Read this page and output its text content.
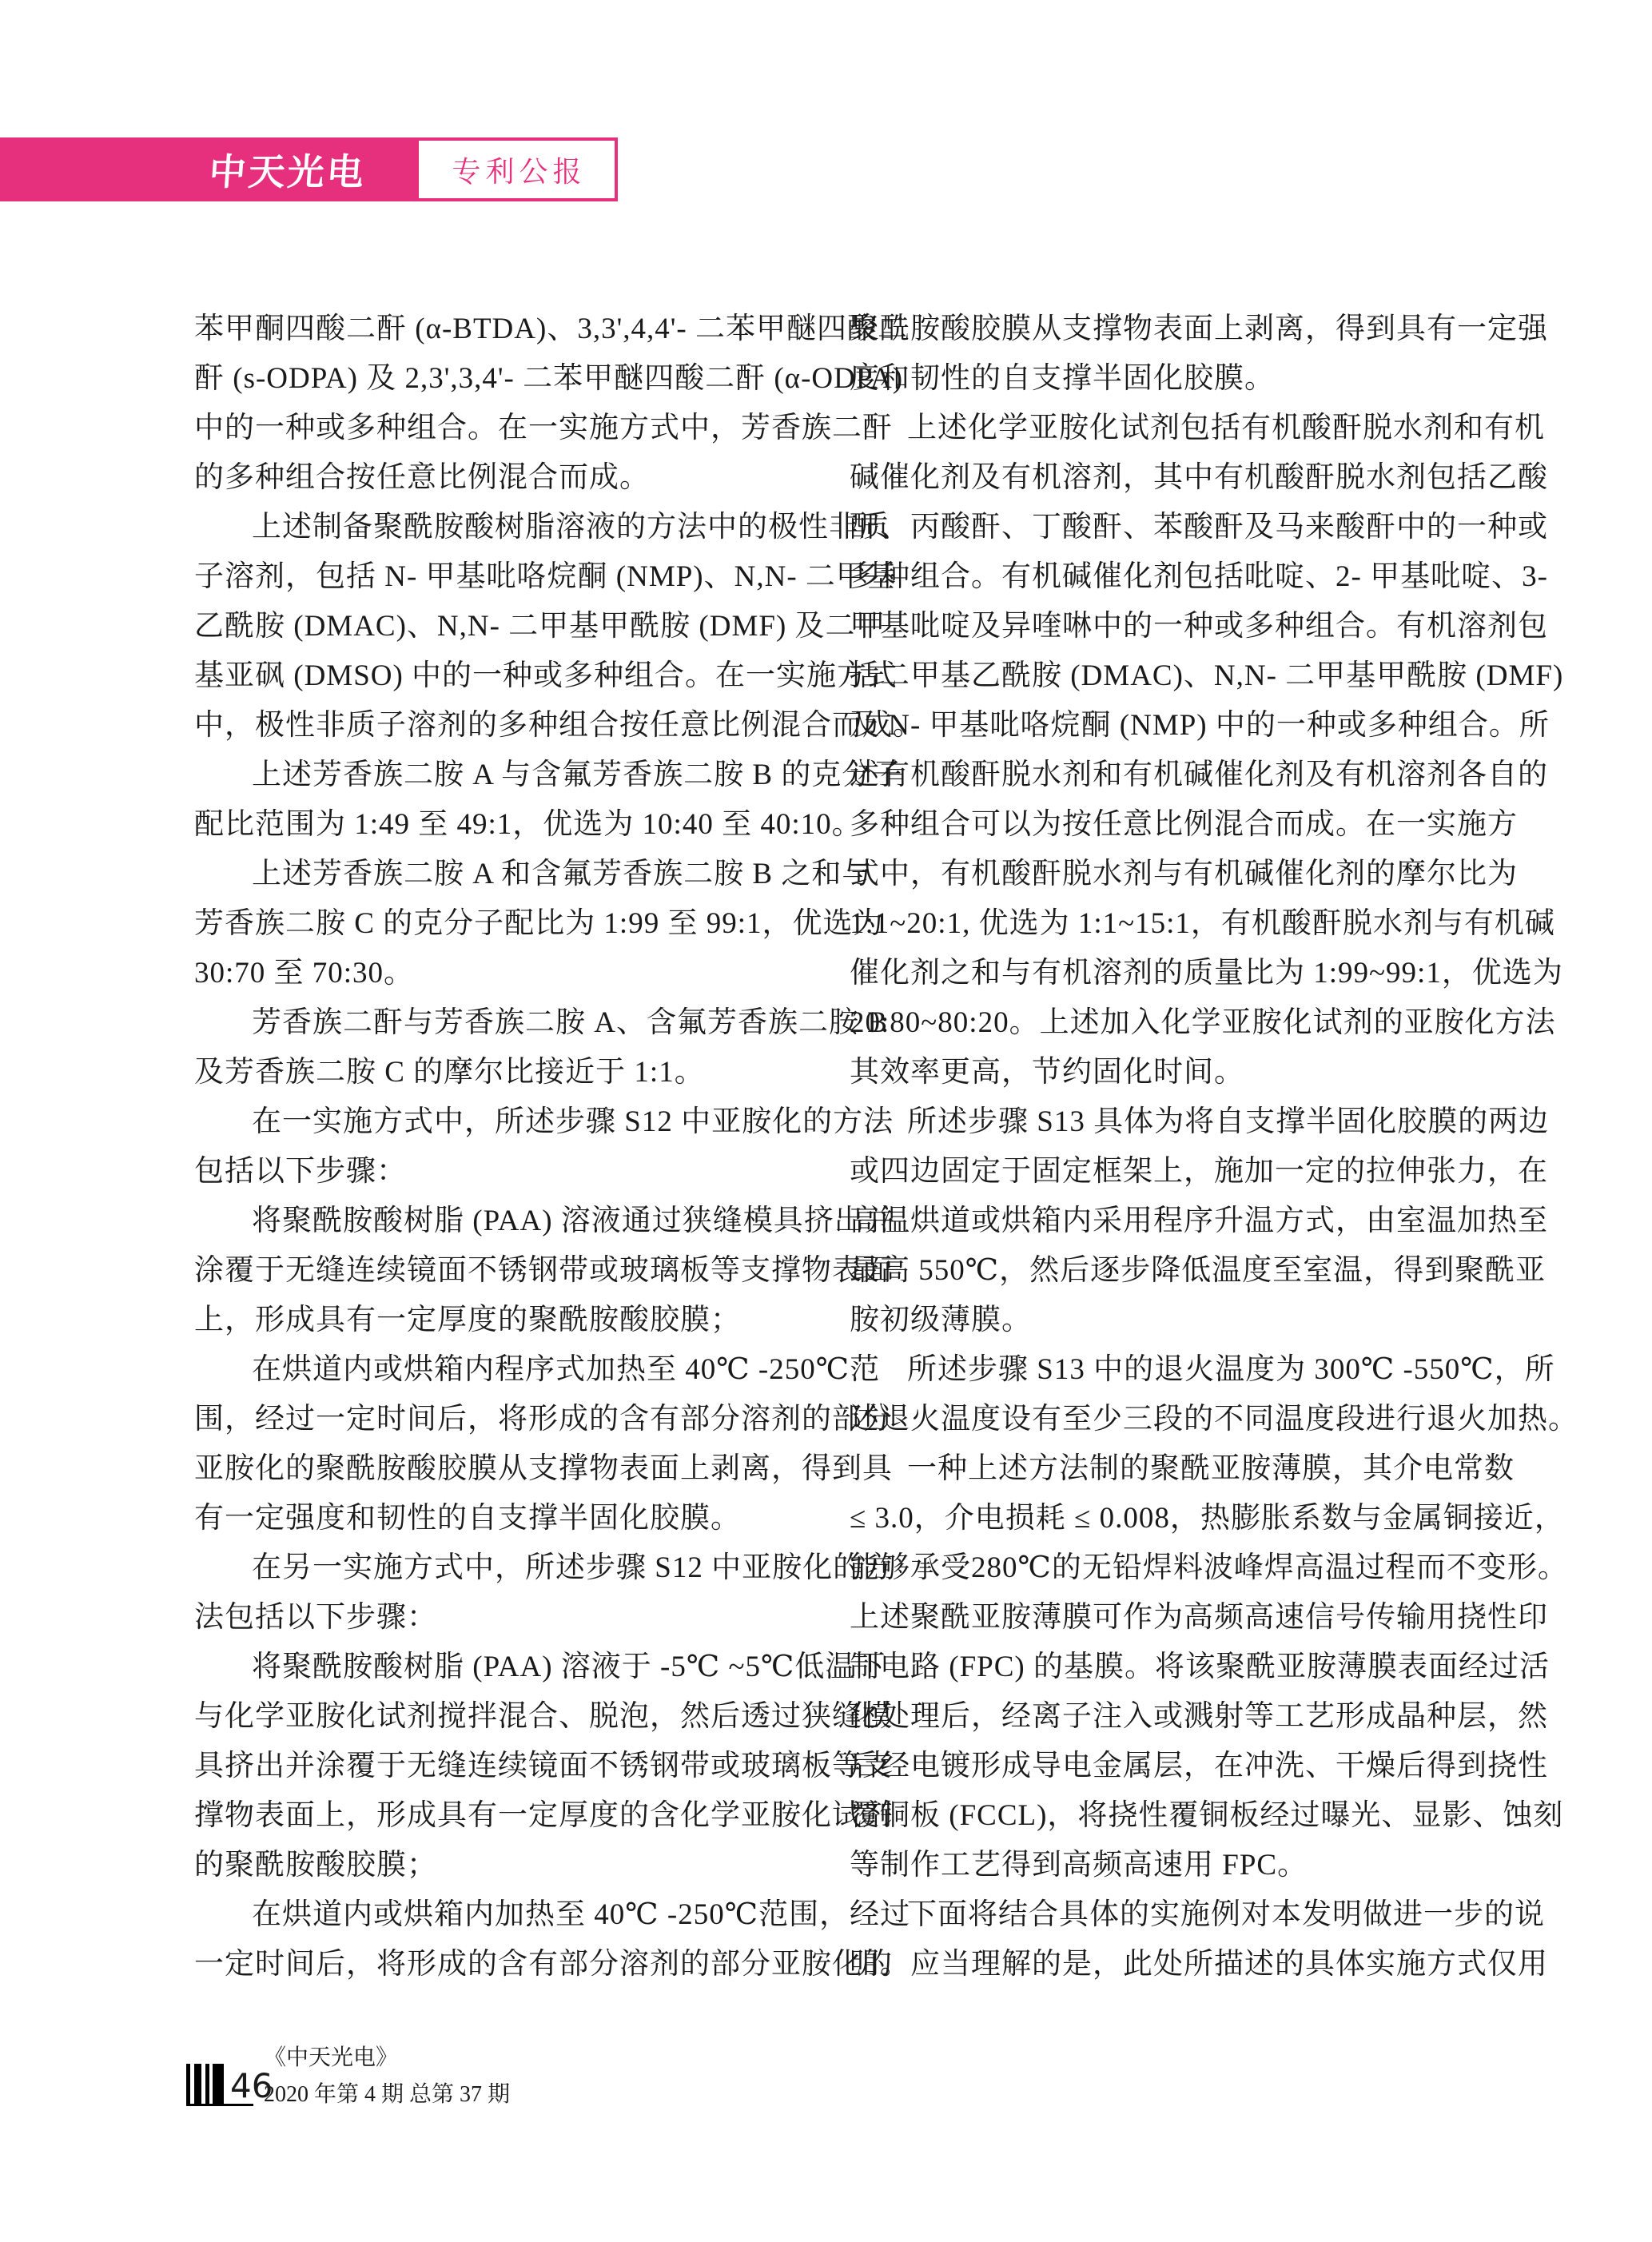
中天光电	专利公报
苯甲酮四酸二酐 (α-BTDA)、3,3',4,4'- 二苯甲醚四酸二
酐 (s-ODPA) 及 2,3',3,4'- 二苯甲醚四酸二酐 (α-ODPA)
中的一种或多种组合。在一实施方式中，芳香族二酐
的多种组合按任意比例混合而成。
上述制备聚酰胺酸树脂溶液的方法中的极性非质
子溶剂，包括 N- 甲基吡咯烷酮 (NMP)、N,N- 二甲基
乙酰胺 (DMAC)、N,N- 二甲基甲酰胺 (DMF) 及二甲
基亚砜 (DMSO) 中的一种或多种组合。在一实施方式
中，极性非质子溶剂的多种组合按任意比例混合而成。
上述芳香族二胺 A 与含氟芳香族二胺 B 的克分子
配比范围为 1:49 至 49:1，优选为 10:40 至 40:10。
上述芳香族二胺 A 和含氟芳香族二胺 B 之和与
芳香族二胺 C 的克分子配比为 1:99 至 99:1，优选为
30:70 至 70:30。
芳香族二酐与芳香族二胺 A、含氟芳香族二胺 B
及芳香族二胺 C 的摩尔比接近于 1:1。
在一实施方式中，所述步骤 S12 中亚胺化的方法
包括以下步骤：
将聚酰胺酸树脂 (PAA) 溶液通过狭缝模具挤出并
涂覆于无缝连续镜面不锈钢带或玻璃板等支撑物表面
上，形成具有一定厚度的聚酰胺酸胶膜；
在烘道内或烘箱内程序式加热至 40℃ -250℃范
围，经过一定时间后，将形成的含有部分溶剂的部分
亚胺化的聚酰胺酸胶膜从支撑物表面上剥离，得到具
有一定强度和韧性的自支撑半固化胶膜。
在另一实施方式中，所述步骤 S12 中亚胺化的方
法包括以下步骤：
将聚酰胺酸树脂 (PAA) 溶液于 -5℃ ~5℃低温下
与化学亚胺化试剂搅拌混合、脱泡，然后透过狭缝模
具挤出并涂覆于无缝连续镜面不锈钢带或玻璃板等支
撑物表面上，形成具有一定厚度的含化学亚胺化试剂
的聚酰胺酸胶膜；
在烘道内或烘箱内加热至 40℃ -250℃范围，经过
一定时间后，将形成的含有部分溶剂的部分亚胺化的
聚酰胺酸胶膜从支撑物表面上剥离，得到具有一定强
度和韧性的自支撑半固化胶膜。
上述化学亚胺化试剂包括有机酸酐脱水剂和有机
碱催化剂及有机溶剂，其中有机酸酐脱水剂包括乙酸
酐、丙酸酐、丁酸酐、苯酸酐及马来酸酐中的一种或
多种组合。有机碱催化剂包括吡啶、2- 甲基吡啶、3-
甲基吡啶及异喹啉中的一种或多种组合。有机溶剂包
括二甲基乙酰胺 (DMAC)、N,N- 二甲基甲酰胺 (DMF)
及 N- 甲基吡咯烷酮 (NMP) 中的一种或多种组合。所
述有机酸酐脱水剂和有机碱催化剂及有机溶剂各自的
多种组合可以为按任意比例混合而成。在一实施方
式中，有机酸酐脱水剂与有机碱催化剂的摩尔比为
1:1~20:1, 优选为 1:1~15:1，有机酸酐脱水剂与有机碱
催化剂之和与有机溶剂的质量比为 1:99~99:1，优选为
20:80~80:20。上述加入化学亚胺化试剂的亚胺化方法
其效率更高，节约固化时间。
所述步骤 S13 具体为将自支撑半固化胶膜的两边
或四边固定于固定框架上，施加一定的拉伸张力，在
高温烘道或烘箱内采用程序升温方式，由室温加热至
最高 550℃，然后逐步降低温度至室温，得到聚酰亚
胺初级薄膜。
所述步骤 S13 中的退火温度为 300℃ -550℃，所
述退火温度设有至少三段的不同温度段进行退火加热。
一种上述方法制的聚酰亚胺薄膜，其介电常数
≤ 3.0，介电损耗 ≤ 0.008，热膨胀系数与金属铜接近，
能够承受280℃的无铅焊料波峰焊高温过程而不变形。
上述聚酰亚胺薄膜可作为高频高速信号传输用挠性印
制电路 (FPC) 的基膜。将该聚酰亚胺薄膜表面经过活
化处理后，经离子注入或溅射等工艺形成晶种层，然
后经电镀形成导电金属层，在冲洗、干燥后得到挠性
覆铜板 (FCCL)，将挠性覆铜板经过曝光、显影、蚀刻
等制作工艺得到高频高速用 FPC。
下面将结合具体的实施例对本发明做进一步的说
明。应当理解的是，此处所描述的具体实施方式仅用
46
《中天光电》
2020 年第 4 期 总第 37 期
